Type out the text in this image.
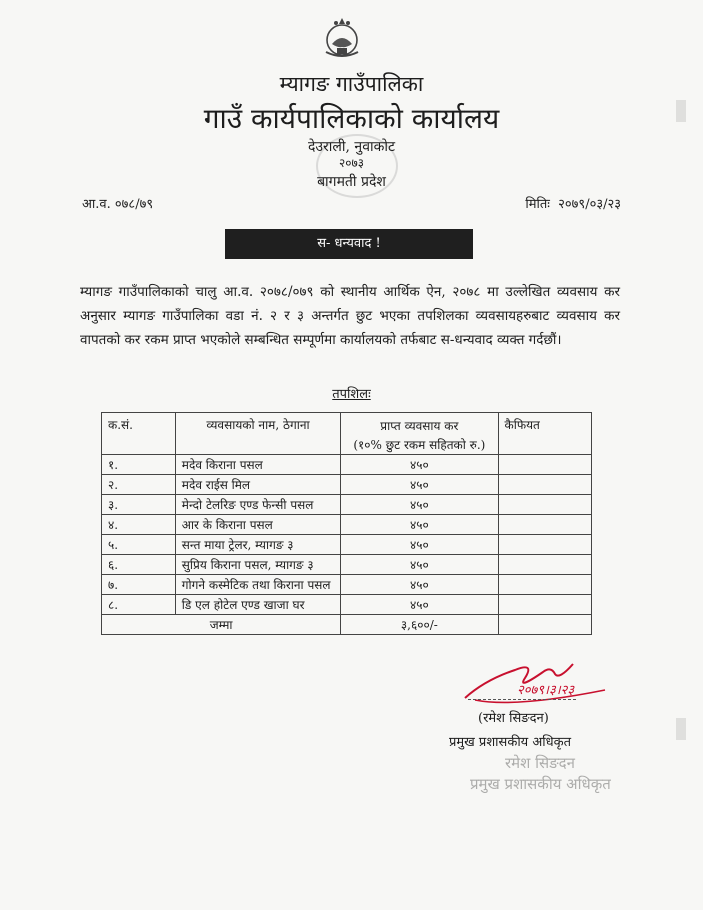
म्यागङ गाउँपालिका
गाउँ कार्यपालिकाको कार्यालय
देउराली, नुवाकोट
२०७३
बागमती प्रदेश
आ.व. ०७८/७९	मितिः २०७९/०३/२३
स- धन्यवाद !
म्यागङ गाउँपालिकाको चालु आ.व. २०७८/०७९ को स्थानीय आर्थिक ऐन, २०७८ मा उल्लेखित व्यवसाय कर अनुसार म्यागङ गाउँपालिका वडा नं. २ र ३ अन्तर्गत छुट भएका तपशिलका व्यवसायहरुबाट व्यवसाय कर वापतको कर रकम प्राप्त भएकोले सम्बन्धित सम्पूर्णमा कार्यालयको तर्फबाट स-धन्यवाद व्यक्त गर्दछौं।
तपशिलः
क.सं.	व्यवसायको नाम, ठेगाना	प्राप्त व्यवसाय कर	कैफियत
		(१०% छुट रकम सहितको रु.)	
१.	मदेव किराना पसल	४५०	
२.	मदेव राईस मिल	४५०	
३.	मेन्दो टेलरिङ एण्ड फेन्सी पसल	४५०	
४.	आर के किराना पसल	४५०	
५.	सन्त माया ट्रेलर, म्यागङ ३	४५०	
६.	सुप्रिय किराना पसल, म्यागङ ३	४५०	
७.	गोगने कस्मेटिक तथा किराना पसल	४५०	
८.	डि एल होटेल एण्ड खाजा घर	४५०	
जम्मा		३,६००/-	
२०७९।३।२३
(रमेश सिङदन)
प्रमुख प्रशासकीय अधिकृत
रमेश सिङदन
प्रमुख प्रशासकीय अधिकृत
